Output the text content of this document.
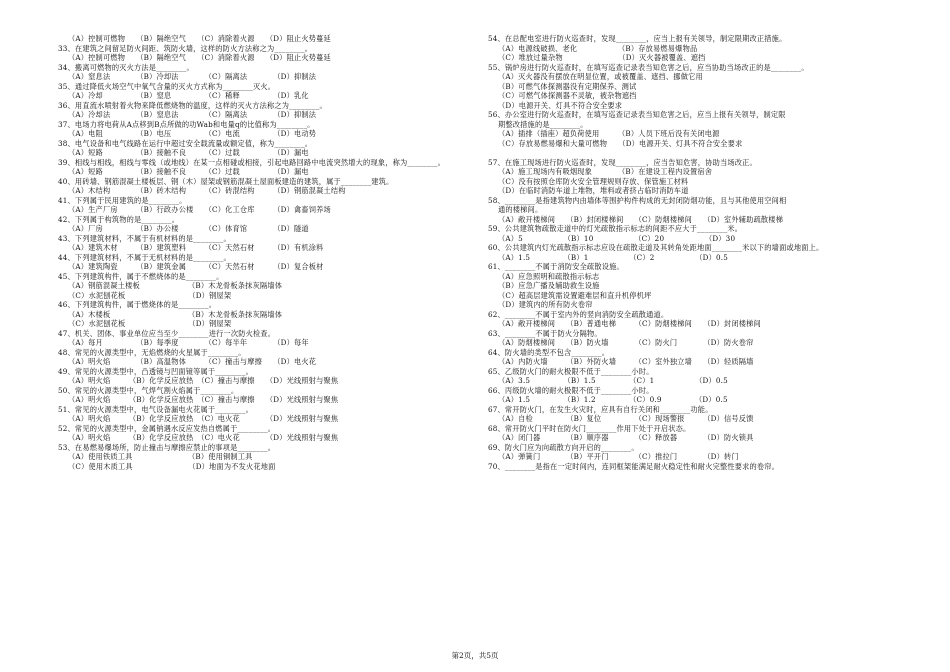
（A）控制可燃物　　（B）隔绝空气　　（C）消除着火源　　（D）阻止火势蔓延
33、在建筑之间留足防火间距、筑防火墙，这样的防火方法称之为________。
（A）控制可燃物　　（B）隔绝空气　　（C）消除着火源　　（D）阻止火势蔓延
34、搬离可燃物的灭火方法是________。
（A）窒息法　　　　（B）冷却法　　　　（C）隔离法　　　　（D）抑制法
35、通过降低火场空气中氧气含量的灭火方式称为________灭火。
（A）冷却　　　　　（B）窒息　　　　　（C）稀释　　　　　（D）乳化
36、用直流水喷射着火物来降低燃烧物的温度，这样的灭火方法称之为________。
（A）冷却法　　　　（B）窒息法　　　　（C）隔离法　　　　（D）抑制法
37、电场力将电荷从A点移到B点所做的功Wab和电量q的比值称为________。
（A）电阻　　　　　（B）电压　　　　　（C）电流　　　　　（D）电动势
38、电气设备和电气线路在运行中超过安全载流量或额定值，称为________。
（A）短路　　　　　（B）接触不良　　　（C）过载　　　　　（D）漏电
39、相线与相线，相线与零线（或地线）在某一点相碰或相接，引起电路回路中电流突然增大的现象，称为________。
（A）短路　　　　　（B）接触不良　　　（C）过载　　　　　（D）漏电
40、用砖墙、钢筋混凝土楼板层、钢（木）屋架或钢筋混凝土屋面板建造的建筑，属于________建筑。
（A）木结构　　　　（B）砖木结构　　　（C）砖混结构　　　（D）钢筋混凝土结构
41、下列属于民用建筑的是________。
（A）生产厂房　　　（B）行政办公楼　　（C）化工仓库　　　（D）禽畜饲养场
42、下列属于构筑物的是________。
（A）厂房　　　　　（B）办公楼　　　　（C）体育馆　　　　（D）隧道
43、下列建筑材料，不属于有机材料的是________。
（A）建筑木材　　　（B）建筑塑料　　　（C）天然石材　　　（D）有机涂料
44、下列建筑材料，不属于无机材料的是________。
（A）建筑陶瓷　　　（B）建筑金属　　　（C）天然石材　　　（D）复合板材
45、下列建筑构件，属于不燃烧体的是________。
（A）钢筋混凝土楼板　　　　　　　（B）木龙骨板条抹灰隔墙体
（C）水泥刨花板　　　　　　　　　（D）钢屋架
46、下列建筑构件，属于燃烧体的是________。
（A）木楼板　　　　　　　　　　　（B）木龙骨板条抹灰隔墙体
（C）水泥刨花板　　　　　　　　　（D）钢屋架
47、机关、团体、事业单位应当至少________进行一次防火检查。
（A）每月　　　　　（B）每季度　　　　（C）每半年　　　　（D）每年
48、常见的火源类型中，无焰燃烧的火星属于________。
（A）明火焰　　　　（B）高温物体　　　（C）撞击与摩擦　　（D）电火花
49、常见的火源类型中，凸透镜与凹面镜等属于________。
（A）明火焰　　　（B）化学反应放热　（C）撞击与摩擦　　（D）光线照射与聚焦
50、常见的火源类型中，气焊气割火焰属于________。
（A）明火焰　　　（B）化学反应放热　（C）撞击与摩擦　　（D）光线照射与聚焦
51、常见的火源类型中，电气设备漏电火花属于________。
（A）明火焰　　　（B）化学反应放热　（C）电火花　　　　（D）光线照射与聚焦
52、常见的火源类型中，金属钠遇水反应发热自燃属于________。
（A）明火焰　　　（B）化学反应放热　（C）电火花　　　　（D）光线照射与聚焦
53、在易燃易爆场所，防止撞击与摩擦应禁止的事项是________。
（A）使用铁质工具　　　　　　　　（B）使用铜制工具
（C）使用木质工具　　　　　　　　（D）地面为不发火花地面
54、在总配电室进行防火巡查时，发现________，应当上报有关领导，制定限期改正措施。
（A）电源线破损、老化　　　　　　（B）存放易燃易爆物品
（C）堆放过量杂物　　　　　　　　（D）灭火器被覆盖、遮挡
55、锅炉房进行防火巡查时，在填写巡查记录表当知危害之后，应当协助当场改正的是________。
（A）灭火器没有摆放在明显位置，或被覆盖、遮挡、挪做它用
（B）可燃气体探测器没有定期保养、测试
（C）可燃气体探测器不灵敏，被杂物遮挡
（D）电源开关、灯具不符合安全要求
56、办公室进行防火巡查时，在填写巡查记录表当知危害之后，应当上报有关领导，制定限
期整改措施的是________。
（A）插排（插座）超负荷使用　　　（B）人员下班后没有关闭电源
（C）存放易燃易爆和大量可燃物　　（D）电源开关、灯具不符合安全要求
57、在施工现场进行防火巡查时，发现________，应当告知危害，协助当场改正。
（A）施工现场内有吸烟现象　　　　（B）在建设工程内设置宿舍
（C）没有按照仓库防火安全管理规则存放、保管施工材料
（D）在临时消防车道上堆物，堆料或者挤占临时消防车道
58、________是指建筑物内由墙体等围护构件构成的无封闭防烟功能，且与其他使用空间相
通的楼梯间。
（A）敞开楼梯间　　（B）封闭楼梯间　　（C）防烟楼梯间　　（D）室外辅助疏散楼梯
59、公共建筑物疏散走道中的灯光疏散指示标志的间距不应大于________米。
（A）5　　　　　　（B）10　　　　　　（C）20　　　　　　（D）30
60、公共建筑内灯光疏散指示标志应设在疏散走道及其转角处距地面________米以下的墙面或地面上。
（A）1.5　　　　　（B）1　　　　　　（C）2　　　　　　（D）0.5
61、________不属于消防安全疏散设施。
（A）应急照明和疏散指示标志
（B）应急广播及辅助救生设施
（C）超高层建筑需设置避难层和直升机停机坪
（D）建筑内的所有防火卷帘
62、________不属于室内外的竖向消防安全疏散通道。
（A）敞开楼梯间　　（B）普通电梯　　　（C）防烟楼梯间　　（D）封闭楼梯间
63、________不属于防火分隔物。
（A）防烟楼梯间　　（B）防火墙　　　　（C）防火门　　　　（D）防火卷帘
64、防火墙的类型不包含________。
（A）内防火墙　　　（B）外防火墙　　　（C）室外独立墙　　（D）轻质隔墙
65、乙级防火门的耐火极限不低于________小时。
（A）3.5　　　　　（B）1.5　　　　　（C）1　　　　　　（D）0.5
66、丙级防火墙的耐火极限不低于________小时。
（A）1.5　　　　　（B）1.2　　　　　（C）0.9　　　　　（D）0.5
67、常开防火门，在发生火灾时，应具有自行关闭和________功能。
（A）自检　　　　　（B）复位　　　　　（C）现场警报　　　（D）信号反馈
68、常开防火门平时在防火门________作用下处于开启状态。
（A）闭门器　　　　（B）顺序器　　　　（C）释放器　　　　（D）防火锁具
69、防火门应为向疏散方向开启的________。
（A）弹簧门　　　　（B）平开门　　　　（C）推拉门　　　　（D）转门
70、________是指在一定时间内，连同框架能满足耐火稳定性和耐火完整性要求的卷帘。
第2页，共5页
